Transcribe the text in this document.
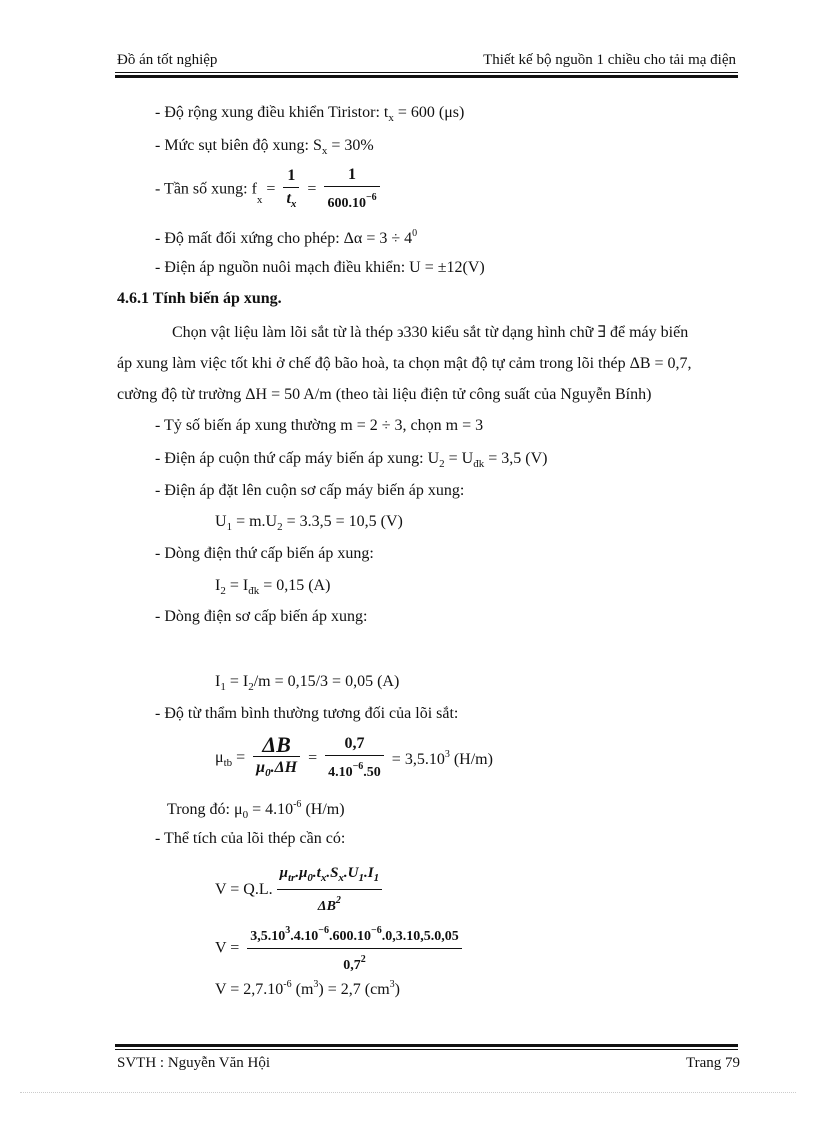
Đồ án tốt nghiệp	Thiết kế bộ nguồn 1 chiều cho tải mạ điện
- Độ rộng xung điều khiển Tiristor: $t_x = 600$ (μs)
- Mức sụt biên độ xung: $S_x = 30\%$
- Tần số xung: $f_x = \frac{1}{t_x} = \frac{1}{600.10^{-6}}$
- Độ mất đối xứng cho phép: $\Delta\alpha = 3 \div 4^0$
- Điện áp nguồn nuôi mạch điều khiển: U = ±12(V)
4.6.1 Tính biến áp xung.
Chọn vật liệu làm lõi sắt từ là thép ϶330 kiểu sắt từ dạng hình chữ ∃ để máy biến
áp xung làm việc tốt khi ở chế độ bão hoà, ta chọn mật độ tự cảm trong lõi thép ΔB = 0,7,
cường độ từ trường ΔH = 50 A/m (theo tài liệu điện tử công suất của Nguyễn Bính)
- Tỷ số biến áp xung thường m = 2 ÷ 3, chọn m = 3
- Điện áp cuộn thứ cấp máy biến áp xung: $U_2 = U_{đk} = 3,5$ (V)
- Điện áp đặt lên cuộn sơ cấp máy biến áp xung:
$U_1 = m.U_2 = 3.3,5 = 10,5$ (V)
- Dòng điện thứ cấp biến áp xung:
$I_2 = I_{đk} = 0,15$ (A)
- Dòng điện sơ cấp biến áp xung:
$I_1 = I_2/m = 0,15/3 = 0,05$ (A)
- Độ từ thẩm bình thường tương đối của lõi sắt:
$\mu_{tb} = \frac{\Delta B}{\mu_0.\Delta H} = \frac{0,7}{4.10^{-6}.50} = 3,5.10^3$ (H/m)
Trong đó: $\mu_0 = 4.10^{-6}$ (H/m)
- Thể tích của lõi thép cần có:
V = Q.L. $\frac{\mu_{tr}.\mu_0.t_x.S_x.U_1.I_1}{\Delta B^2}$
$V = \frac{3,5.10^3.4.10^{-6}.600.10^{-6}.0,3.10,5.0,05}{0,7^2}$
$V = 2,7.10^{-6}$ $(m^3) = 2,7$ $(cm^3)$
SVTH : Nguyễn Văn Hội	Trang 79
